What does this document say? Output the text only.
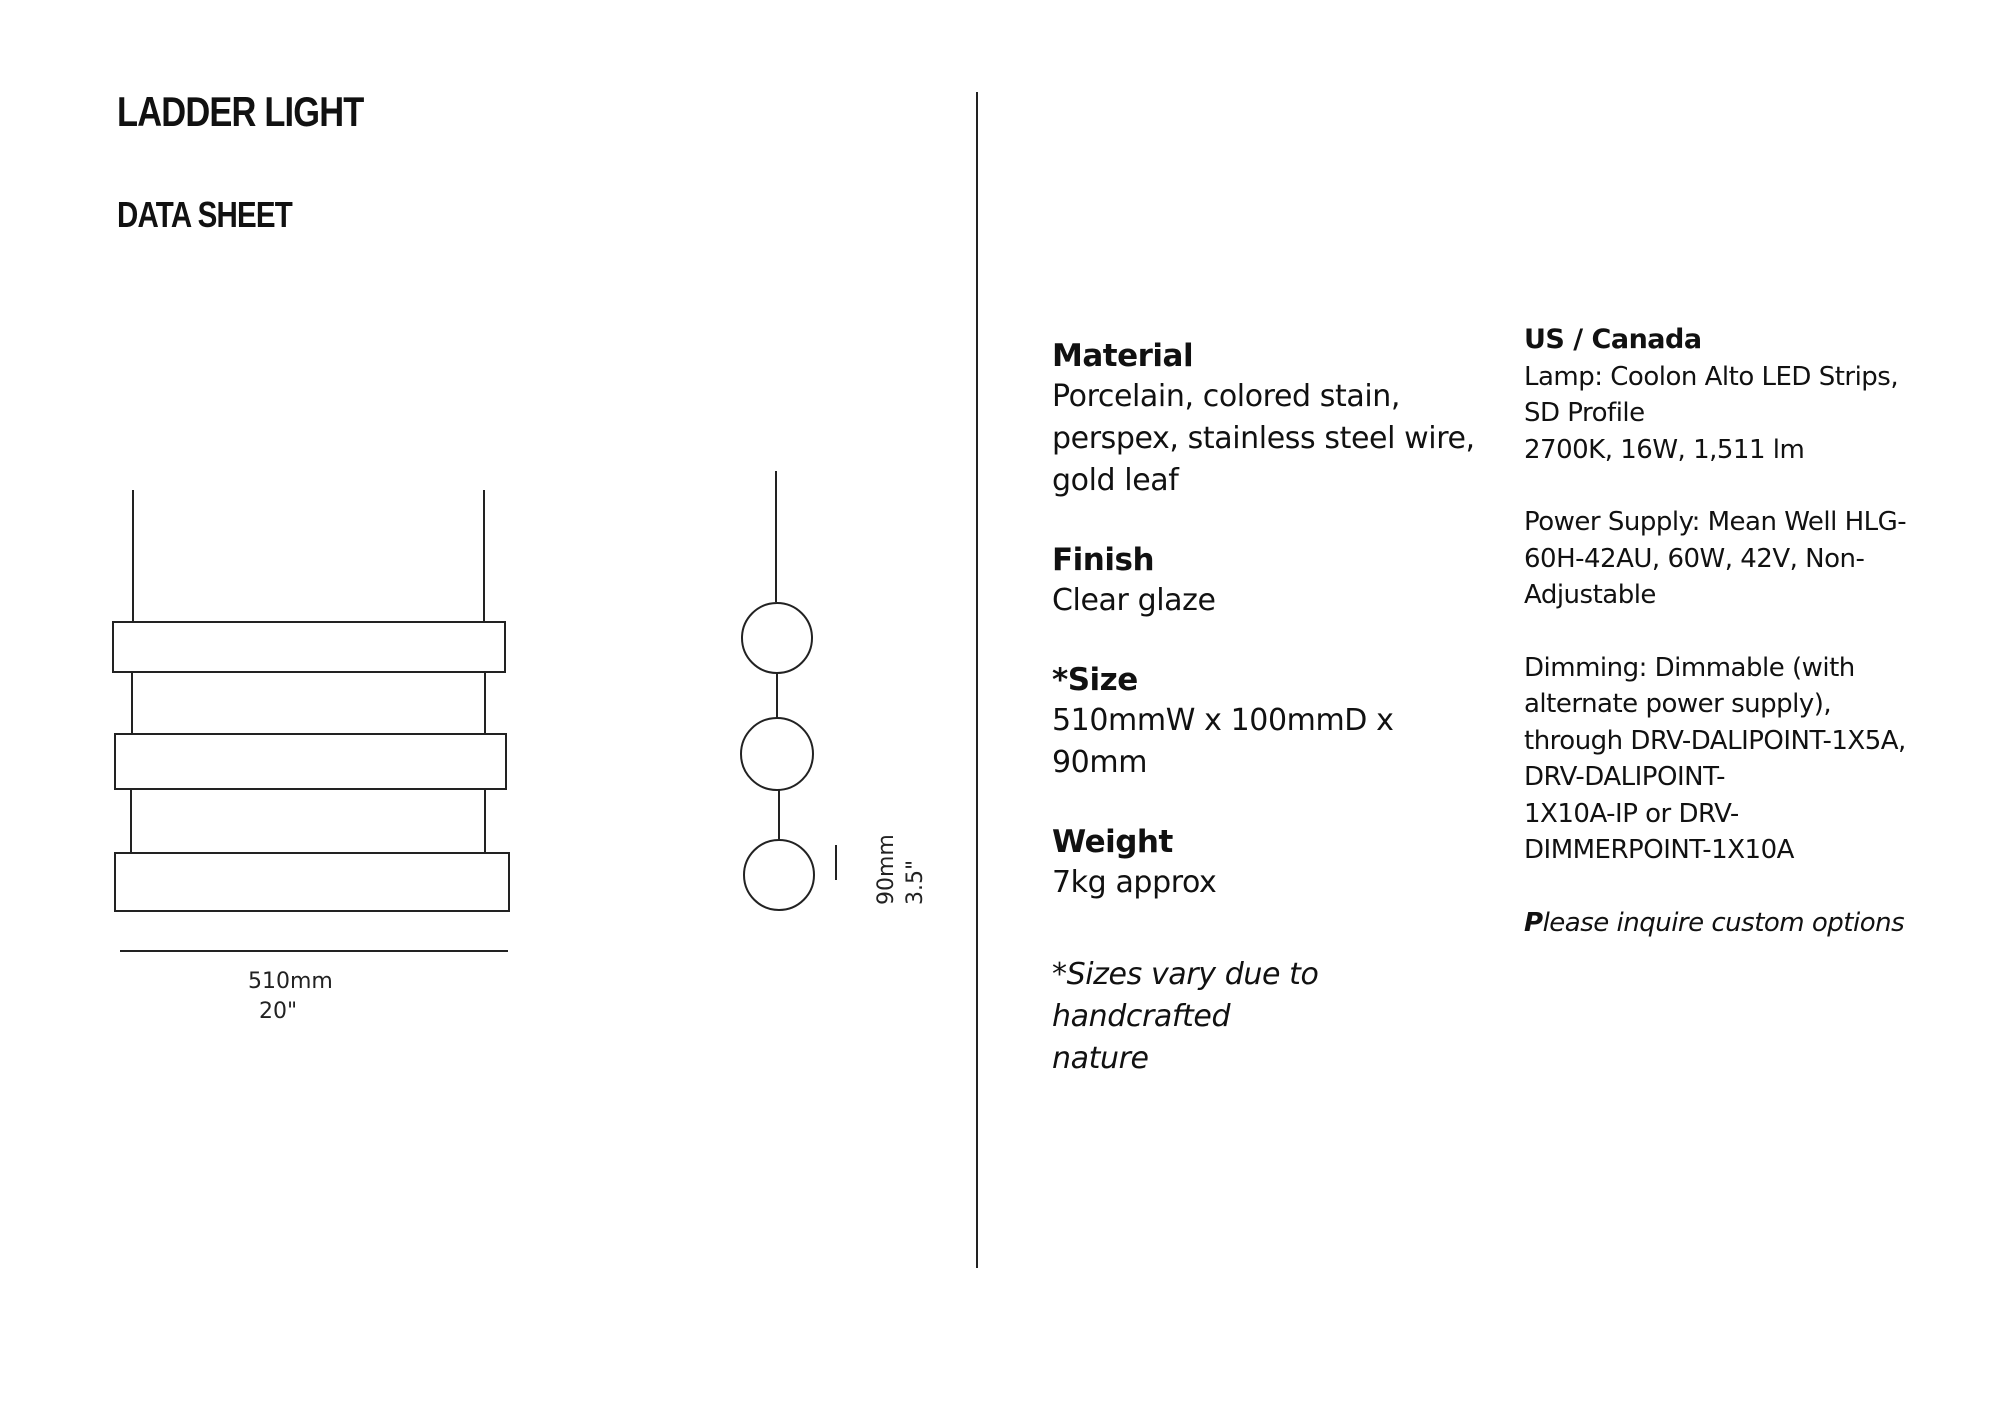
LADDER LIGHT
DATA SHEET
510mm
20"
90mm 3.5"
Material
Porcelain, colored stain,
perspex, stainless steel wire,
gold leaf
Finish
Clear glaze
*Size
510mmW x 100mmD x 90mm
Weight
7kg approx
*Sizes vary due to handcrafted
nature
US / Canada
Lamp: Coolon Alto LED Strips,
SD Profile
2700K, 16W, 1,511 lm
Power Supply: Mean Well HLG-
60H-42AU, 60W, 42V, Non-
Adjustable
Dimming: Dimmable (with
alternate power supply),
through DRV-DALIPOINT-1X5A,
DRV-DALIPOINT-
1X10A-IP or DRV-
DIMMERPOINT-1X10A
Please inquire custom options
